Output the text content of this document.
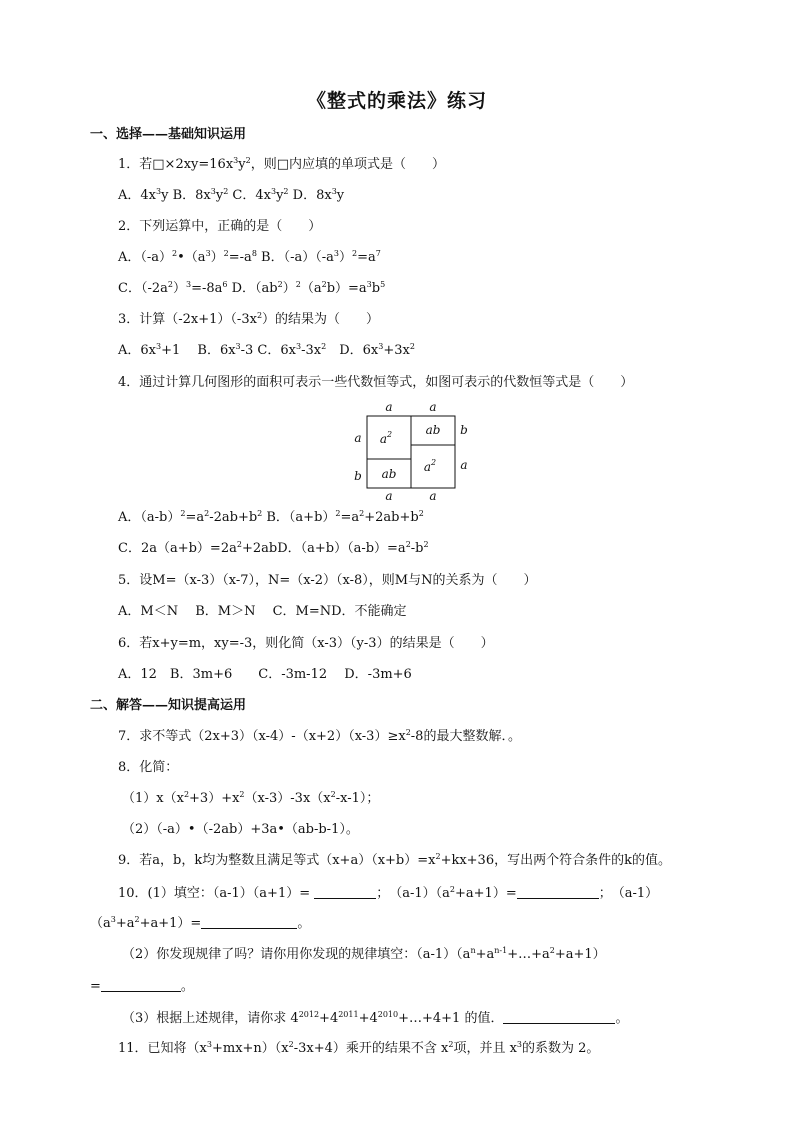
《整式的乘法》练习
一、选择——基础知识运用
1．若$□\times 2xy=16x^3y^2$，则□内应填的单项式是（　　）
A．$4x^3y$ B．$8x^3y^2$ C．$4x^3y^2$ D．$8x^3y$
2．下列运算中，正确的是（　　）
A．$(-a)^2•(a^3)^2=-a^8$ B．$(-a)(-a^3)^2=a^7$
C．$(-2a^2)^3=-8a^6$ D．$(ab^2)^2(a^2b)=a^3b^5$
3．计算$(-2x+1)(-3x^2)$的结果为（　　）
A．$6x^3+1$　 B．$6x^3-3$ C．$6x^3-3x^2$　D．$6x^3+3x^2$
4．通过计算几何图形的面积可表示一些代数恒等式，如图可表示的代数恒等式是（　　）
a	a
a	a
a
b
b
a
$a^2$	ab
ab $a^2$
A．$(a-b)^2=a^2-2ab+b^2$ B．$(a+b)^2=a^2+2ab+b^2$
C．$2a(a+b)=2a^2+2abD$．$(a+b)(a-b)=a^2-b^2$
5．设M=（x-3）（x-7），N=（x-2）（x-8），则M与N的关系为（　　）
A．M＜N　 B．M＞N　 C．M=ND．不能确定
6．若x+y=m，xy=-3，则化简（x-3）（y-3）的结果是（　　）
A．12　B．3m+6　　C．-3m-12　 D．-3m+6
二、解答——知识提高运用
7．求不等式$(2x+3)(x-4)-(x+2)(x-3)\ge x^2-8$的最大整数解．。
8．化简：
$(1)x(x^2+3)+x^2(x-3)-3x(x^2-x-1)$；
（2）（-a）•（-2ab）+3a•（ab-b-1）。
9．若a，b，k均为整数且满足等式$(x+a)(x+b)=x^2+kx+36$，写出两个符合条件的k的值。
10．(1）填空：（a-1）（a+1）=	；　$(a-1)(a^2+a+1)=$	；　（a-1）
$(a^3+a^2+a+1)=$	。
（2）你发现规律了吗？请你用你发现的规律填空：$(a-1)(a^n+a^{n-1}+\dots+a^2+a+1)$
=	。
（3）根据上述规律，请你求 $4^{2012}+4^{2011}+4^{2010}+\dots+4+1$ 的值．	。
11．已知将$(x^3+mx+n)(x^2-3x+4)$乘开的结果不含 $x^2$项，并且 $x^3$的系数为 2。
